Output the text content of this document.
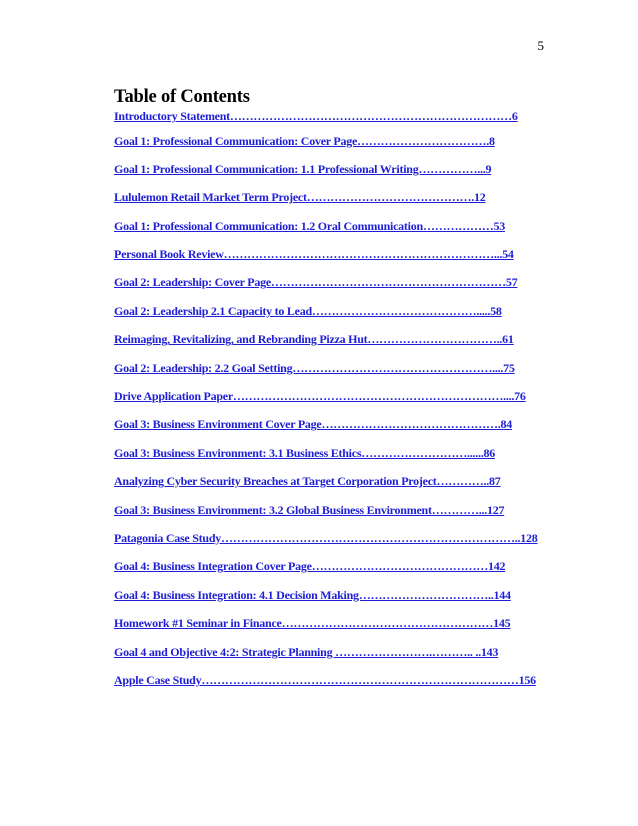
5
Table of Contents
Introductory Statement………………………………………………………………6
Goal 1: Professional Communication: Cover Page…………………………….8
Goal 1: Professional Communication: 1.1 Professional Writing……………...9
Lululemon Retail Market Term Project…………………………………….12
Goal 1: Professional Communication: 1.2 Oral Communication………………53
Personal Book Review……………………………………………………………...54
Goal 2: Leadership: Cover Page……………………………………………………57
Goal 2: Leadership 2.1 Capacity to Lead…………………………………….....58
Reimaging, Revitalizing, and Rebranding Pizza Hut……………………………..61
Goal 2: Leadership: 2.2 Goal Setting……………………………………………....75
Drive Application Paper……………………………………………………………....76
Goal 3: Business Environment Cover Page……………………………………….84
Goal 3: Business Environment: 3.1 Business Ethics………………………......86
Analyzing Cyber Security Breaches at Target Corporation Project…………..87
Goal 3: Business Environment: 3.2 Global Business Environment…………...127
Patagonia Case Study…………………………………………………………………..128
Goal 4: Business Integration Cover Page………………………………………142
Goal 4: Business Integration: 4.1 Decision Making……………………………..144
Homework #1 Seminar in Finance………………………………………………145
Goal 4 and Objective 4:2: Strategic Planning …………………….……….. ..143
Apple Case Study………………………………………………………………………156
